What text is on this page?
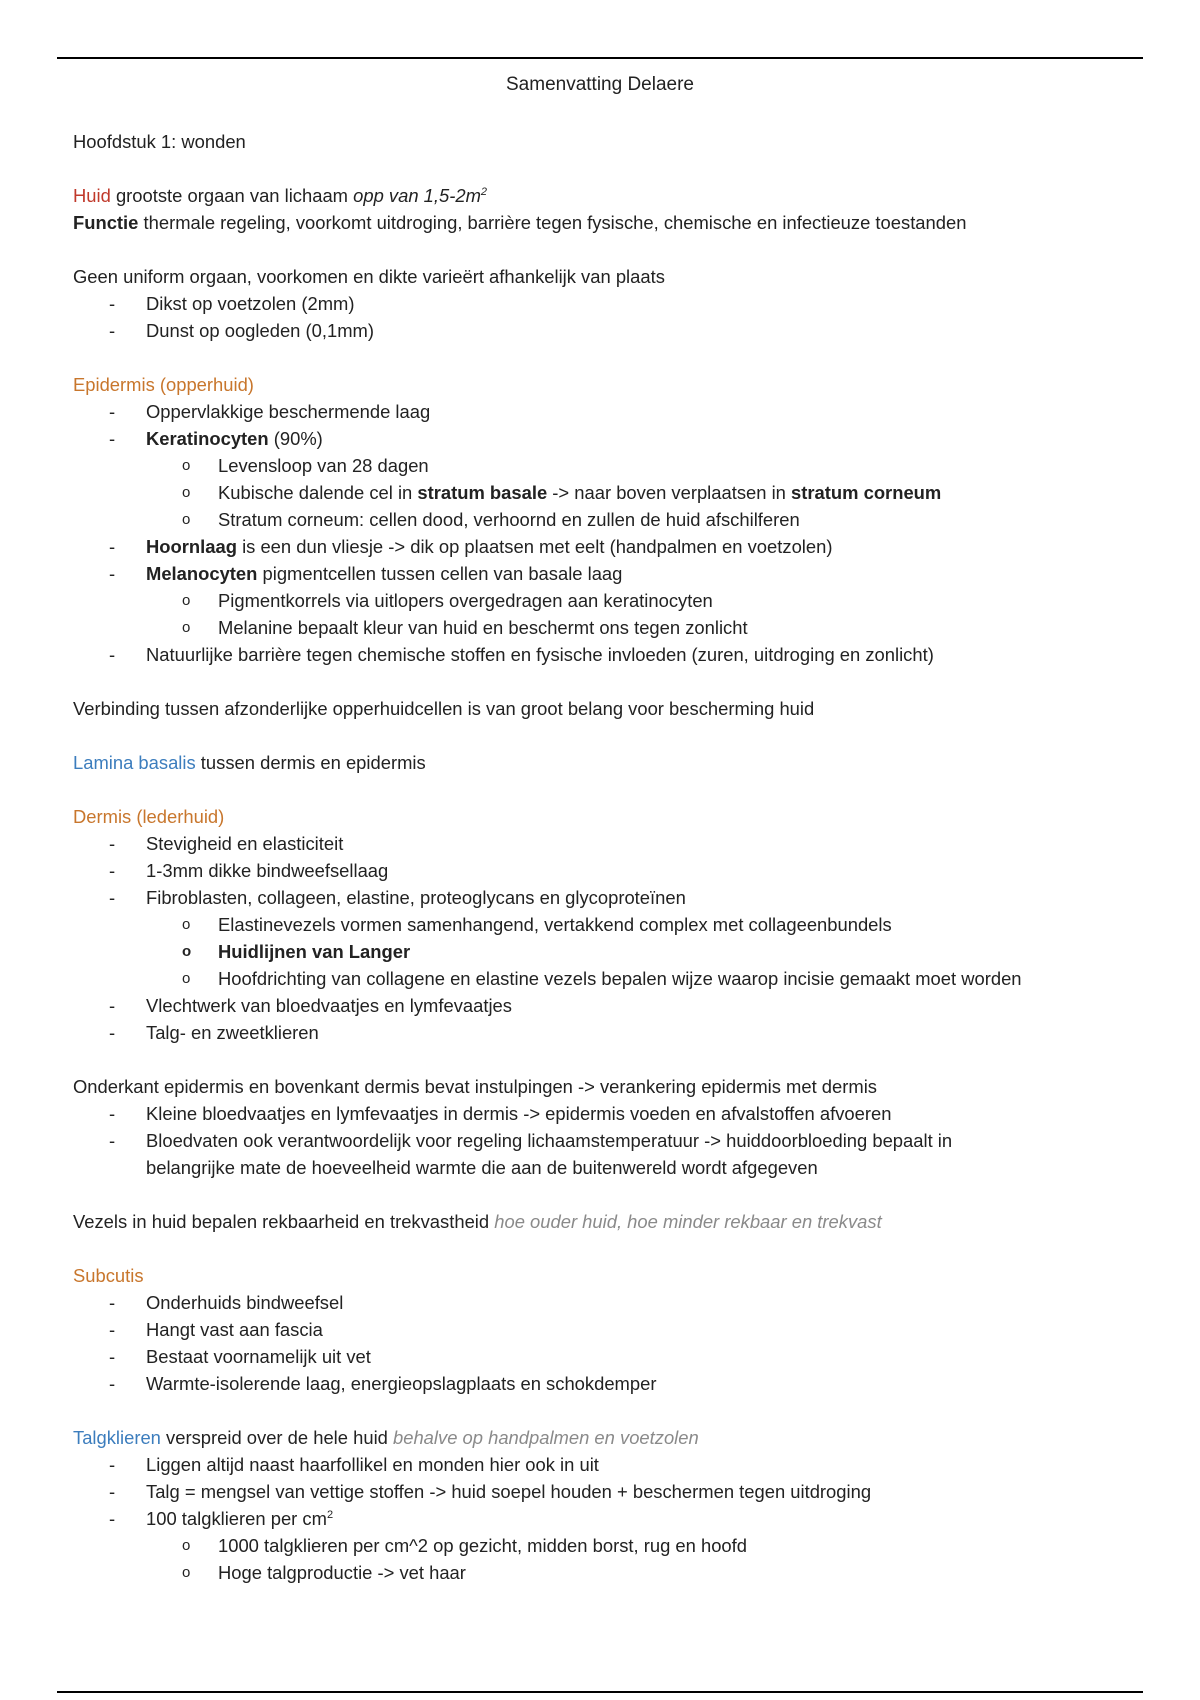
Samenvatting Delaere
Hoofdstuk 1: wonden
Huid grootste orgaan van lichaam opp van $1,5-2m^2$
Functie thermale regeling, voorkomt uitdroging, barrière tegen fysische, chemische en infectieuze toestanden
Geen uniform orgaan, voorkomen en dikte varieërt afhankelijk van plaats
- Dikst op voetzolen (2mm)
- Dunst op oogleden (0,1mm)
Epidermis (opperhuid)
- Oppervlakkige beschermende laag
- Keratinocyten (90%)
o Levensloop van 28 dagen
o Kubische dalende cel in stratum basale -> naar boven verplaatsen in stratum corneum
o Stratum corneum: cellen dood, verhoornd en zullen de huid afschilferen
- Hoornlaag is een dun vliesje -> dik op plaatsen met eelt (handpalmen en voetzolen)
- Melanocyten pigmentcellen tussen cellen van basale laag
o Pigmentkorrels via uitlopers overgedragen aan keratinocyten
o Melanine bepaalt kleur van huid en beschermt ons tegen zonlicht
- Natuurlijke barrière tegen chemische stoffen en fysische invloeden (zuren, uitdroging en zonlicht)
Verbinding tussen afzonderlijke opperhuidcellen is van groot belang voor bescherming huid
Lamina basalis tussen dermis en epidermis
Dermis (lederhuid)
- Stevigheid en elasticiteit
- 1-3mm dikke bindweefsellaag
- Fibroblasten, collageen, elastine, proteoglycans en glycoproteïnen
o Elastinevezels vormen samenhangend, vertakkend complex met collageenbundels
o Huidlijnen van Langer
o Hoofdrichting van collagene en elastine vezels bepalen wijze waarop incisie gemaakt moet worden
- Vlechtwerk van bloedvaatjes en lymfevaatjes
- Talg- en zweetklieren
Onderkant epidermis en bovenkant dermis bevat instulpingen -> verankering epidermis met dermis
- Kleine bloedvaatjes en lymfevaatjes in dermis -> epidermis voeden en afvalstoffen afvoeren
- Bloedvaten ook verantwoordelijk voor regeling lichaamstemperatuur -> huiddoorbloeding bepaalt in
belangrijke mate de hoeveelheid warmte die aan de buitenwereld wordt afgegeven
Vezels in huid bepalen rekbaarheid en trekvastheid hoe ouder huid, hoe minder rekbaar en trekvast
Subcutis
- Onderhuids bindweefsel
- Hangt vast aan fascia
- Bestaat voornamelijk uit vet
- Warmte-isolerende laag, energieopslagplaats en schokdemper
Talgklieren verspreid over de hele huid behalve op handpalmen en voetzolen
- Liggen altijd naast haarfollikel en monden hier ook in uit
- Talg = mengsel van vettige stoffen -> huid soepel houden + beschermen tegen uitdroging
- 100 talgklieren per $cm^2$
o 1000 talgklieren per cm^2 op gezicht, midden borst, rug en hoofd
o Hoge talgproductie -> vet haar
